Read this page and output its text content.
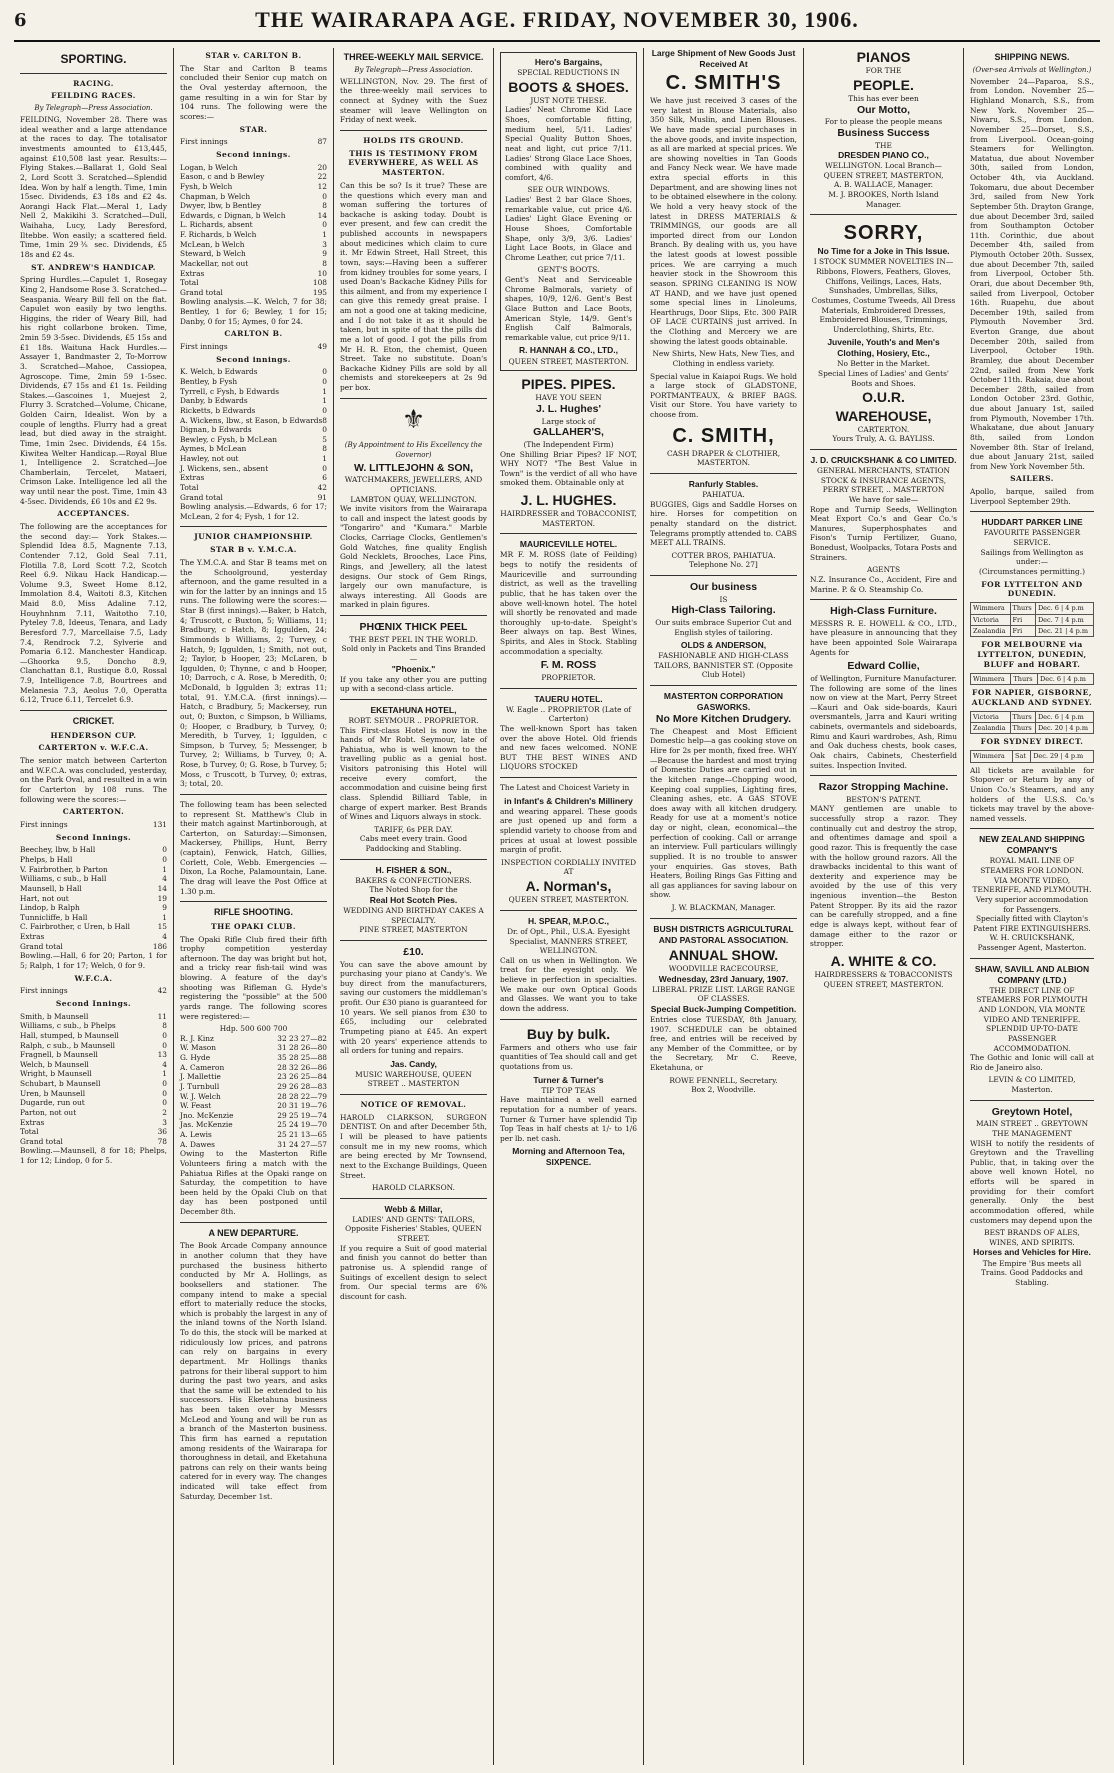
6	THE WAIRARAPA AGE. FRIDAY, NOVEMBER 30, 1906.
SPORTING.
RACING.
FEILDING RACES.
By Telegraph—Press Association.

FEILDING, November 28. There was ideal weather and a large attendance at the races to day. The totalisator investments amounted to £13,445, against £10,508 last year. Results:— Flying Stakes.—Ballarat 1, Gold Seal 2, Lord Scott 3. Scratched—Splendid Idea. Won by half a length. Time, 1min 15sec. Dividends, £3 18s and £2 4s. Aorangi Hack Flat.—Meral 1, Lady Nell 2, Makikihi 3. Scratched—Dull, Waihaha, Lucy, Lady Beresford, Iltebbe. Won easily; a scattered field. Time, 1min 29⅗ sec. Dividends, £5 18s and £2 4s.

ST. ANDREW'S HANDICAP.

Spring Hurdles.—Capulet 1, Rosegay King 2, Handsome Rose 3. Scratched—Seaspania. Weary Bill fell on the flat. Capulet won easily by two lengths. Higgins, the rider of Weary Bill, had his right collarbone broken. Time, 2min 59 3-5sec. Dividends, £5 15s and £1 18s. Waituna Hack Hurdles.—Assayer 1, Bandmaster 2, To-Morrow 3. Scratched—Mahoe, Cassiopea, Agroscope. Time, 2min 59 1-5sec. Dividends, £7 15s and £1 1s. Feilding Stakes.—Gascoines 1, Muejest 2, Flurry 3. Scratched—Volume, Chicane, Golden Cairn, Idealist. Won by a couple of lengths. Flurry had a great lead, but died away in the straight. Time, 1min 2sec. Dividends, £4 15s. Kiwitea Welter Handicap.—Royal Blue 1, Intelligence 2. Scratched—Joe Chamberlain, Tercelet, Mataeri, Crimson Lake. Intelligence led all the way until near the post. Time, 1min 43 4-5sec. Dividends, £6 10s and £2 9s.

ACCEPTANCES.

The following are the acceptances for the second day:— York Stakes.—Splendid Idea 8.5, Magnente 7.13, Contender 7.12, Gold Seal 7.11, Flotilla 7.8, Lord Scott 7.2, Scotch Reel 6.9. Nikau Hack Handicap.—Volume 9.3, Sweet Home 8.12, Immolation 8.4, Waitoti 8.3, Kitchen Maid 8.0, Miss Adaline 7.12, Houyhnhnm 7.11, Waitotho 7.10, Pyteley 7.8, Ideeus, Tenara, and Lady Beresford 7.7, Marcellaise 7.5, Lady 7.4, Rendrock 7.2, Sylverie and Pomaria 6.12. Manchester Handicap.—Ghoorka 9.5, Doncho 8.9, Clanchattan 8.1, Rustique 8.0, Rossal 7.9, Intelligence 7.8, Bourtrees and Melanesia 7.3, Aeolus 7.0, Operatta 6.12, Truce 6.11, Tercelet 6.9.

CRICKET.
HENDERSON CUP.
CARTERTON v. W.F.C.A.

The senior match between Carterton and W.F.C.A. was concluded, yesterday, on the Park Oval, and resulted in a win for Carterton by 108 runs. The following were the scores:—

CARTERTON.
First innings	131
Second Innings.
Beechey, lbw, b Hall	0
Phelps, b Hall	0
V. Fairbrother, b Parton	1
Williams, c sub., b Hall	4
Maunsell, b Hall	14
Hart, not out	19
Lindop, b Ralph	9
Tunnicliffe, b Hall	1
C. Fairbrother, c Uren, b Hall	15
Extras	4
Grand total	186

Bowling.—Hall, 6 for 20; Parton, 1 for 5; Ralph, 1 for 17; Welch, 0 for 9.

W.F.C.A.
First innings	42
Second Innings.
Smith, b Maunsell	11
Williams, c sub., b Phelps	8
Hall, stumped, b Maunsell	0
Ralph, c sub., b Maunsell	0
Fragnell, b Maunsell	13
Welch, b Maunsell	4
Wright, b Maunsell	1
Schubart, b Maunsell	0
Uren, b Maunsell	0
Dugarde, run out	0
Parton, not out	2
Extras	3
Total	36
Grand total	78

Bowling.—Maunsell, 8 for 18; Phelps, 1 for 12; Lindop, 0 for 5.

STAR v. CARLTON B.

The Star and Carlton B teams concluded their Senior cup match on the Oval yesterday afternoon, the game resulting in a win for Star by 104 runs. The following were the scores:—

STAR.
First innings	87
Second innings.
Logan, b Welch	20
Eason, c and b Bewley	22
Fysh, b Welch	12
Chapman, b Welch	0
Dwyer, lbw, b Bentley	8
Edwards, c Dignan, b Welch	14
L. Richards, absent	0
F. Richards, b Welch	1
McLean, b Welch	3
Steward, b Welch	9
Mackellar, not out	8
Extras	10
Total	108
Grand total	195

Bowling analysis.—K. Welch, 7 for 38; Bentley, 1 for 6; Bewley, 1 for 15; Danby, 0 for 15; Aymes, 0 for 24.

CARLTON B.
First innings	49
Second innings.
K. Welch, b Edwards	0
Bentley, b Fysh	0
Tyrrell, c Fysh, b Edwards	1
Danby, b Edwards	1
Ricketts, b Edwards	0
A. Wickens, lbw., st Eason, b Edwards 8
Dignan, b Edwards	0
Bewley, c Fysh, b McLean	5
Aymes, b McLean	8
Hawley, not out	1
J. Wickens, sen., absent	0
Extras	6
Total	42
Grand total	91

Bowling analysis.—Edwards, 6 for 17; McLean, 2 for 4; Fysh, 1 for 12.

JUNIOR CHAMPIONSHIP.
STAR B v. Y.M.C.A.

The Y.M.C.A. and Star B teams met on the Schoolground, yesterday afternoon, and the game resulted in a win for the latter by an innings and 15 runs. The following were the scores:— Star B (first innings).—Baker, b Hatch, 4; Truscott, c Buxton, 5; Williams, 11; Bradbury, c Hatch, 8; Iggulden, 24; Simmonds b Williams, 2; Turvey, c Hatch, 9; Iggulden, 1; Smith, not out, 2; Taylor, b Hooper, 23; McLaren, b Iggulden, 0; Thynne, c and b Hooper, 10; Darroch, c A. Rose, b Meredith, 0; McDonald, b Iggulden 3; extras 11; total, 91. Y.M.C.A. (first innings).—Hatch, c Bradbury, 5; Mackersey, run out, 0; Buxton, c Simpson, b Williams, 0; Hooper, c Bradbury, b Turvey, 0; Meredith, b Turvey, 1; Iggulden, c Simpson, b Turvey, 5; Messenger, b Turvey, 2; Williams, b Turvey, 0; A. Rose, b Turvey, 0; G. Rose, b Turvey, 5; Moss, c Truscott, b Turvey, 0; extras, 3; total, 20.

The following team has been selected to represent St. Matthew's Club in their match against Martinborough, at Carterton, on Saturday:—Simonsen, Mackersey, Phillips, Hunt, Berry (captain), Fenwick, Hatch, Gillies, Corlett, Cole, Webb. Emergencies — Dixon, La Roche, Palamountain, Lane. The drag will leave the Post Office at 1.30 p.m.

RIFLE SHOOTING.
THE OPAKI CLUB.

The Opaki Rifle Club fired their fifth trophy competition yesterday afternoon. The day was bright but hot, and a tricky rear fish-tail wind was blowing. A feature of the day's shooting was Rifleman G. Hyde's registering the "possible" at the 500 yards range. The following scores were registered:—

Hdp. 500 600 700
R. J. Kinz	32 23 27—82
W. Mason	31 28 26—80
G. Hyde	35 28 25—88
A. Cameron	28 32 26—86
J. Mallettie	23 26 25—84
J. Turnbull	29 26 28—83
W. J. Welch	28 28 22—79
W. Feast	20 31 19—76
Jno. McKenzie	29 25 19—74
Jas. McKenzie	25 24 19—70
A. Lewis	25 21 13—65
A. Dawes	31 24 27—57

Owing to the Masterton Rifle Volunteers firing a match with the Pahiatua Rifles at the Opaki range on Saturday, the competition to have been held by the Opaki Club on that day has been postponed until December 8th.

A NEW DEPARTURE.

The Book Arcade Company announce in another column that they have purchased the business hitherto conducted by Mr A. Hollings, as booksellers and stationer. The company intend to make a special effort to materially reduce the stocks, which is probably the largest in any of the inland towns of the North Island. To do this, the stock will be marked at ridiculously low prices, and patrons can rely on bargains in every department. Mr Hollings thanks patrons for their liberal support to him during the past two years, and asks that the same will be extended to his successors. His Eketahuna business has been taken over by Messrs McLeod and Young and will be run as a branch of the Masterton business. This firm has earned a reputation among residents of the Wairarapa for thoroughness in detail, and Eketahuna patrons can rely on their wants being catered for in every way. The changes indicated will take effect from Saturday, December 1st.

THREE-WEEKLY MAIL SERVICE.
By Telegraph—Press Association.

WELLINGTON, Nov. 29. The first of the three-weekly mail services to connect at Sydney with the Suez steamer will leave Wellington on Friday of next week.

HOLDS ITS GROUND.
THIS IS TESTIMONY FROM EVERYWHERE, AS WELL AS MASTERTON.

Can this be so? Is it true? These are the questions which every man and woman suffering the tortures of backache is asking today. Doubt is ever present, and few can credit the published accounts in newspapers about medicines which claim to cure it. Mr Edwin Street, Hall Street, this town, says:—Having been a sufferer from kidney troubles for some years, I used Doan's Backache Kidney Pills for this ailment, and from my experience I can give this remedy great praise. I am not a good one at taking medicine, and I do not take it as it should be taken, but in spite of that the pills did me a lot of good. I got the pills from Mr H. R. Eton, the chemist, Queen Street. Take no substitute. Doan's Backache Kidney Pills are sold by all chemists and storekeepers at 2s 9d per box.

⚜
(By Appointment to His Excellency the Governor)
W. LITTLEJOHN & SON,
WATCHMAKERS, JEWELLERS, AND OPTICIANS.
LAMBTON QUAY, WELLINGTON.

We invite visitors from the Wairarapa to call and inspect the latest goods by "Tongariro" and "Kumara." Marble Clocks, Carriage Clocks, Gentlemen's Gold Watches, fine quality English Gold Necklets, Brooches, Lace Pins, Rings, and Jewellery, all the latest designs. Our stock of Gem Rings, largely our own manufacture, is always interesting. All Goods are marked in plain figures.

PHŒNIX THICK PEEL
THE BEST PEEL IN THE WORLD.
Sold only in Packets and Tins Branded—
"Phoenix."

If you take any other you are putting up with a second-class article.

EKETAHUNA HOTEL,
ROBT. SEYMOUR .. PROPRIETOR.

This First-class Hotel is now in the hands of Mr Robt. Seymour, late of Pahiatua, who is well known to the travelling public as a genial host. Visitors patronising this Hotel will receive every comfort, the accommodation and cuisine being first class. Splendid Billiard Table, in charge of expert marker. Best Brands of Wines and Liquors always in stock.

TARIFF, 6s PER DAY.
Cabs meet every train. Good Paddocking and Stabling.
H. FISHER & SON.,
BAKERS & CONFECTIONERS.
The Noted Shop for the
Real Hot Scotch Pies.
WEDDING AND BIRTHDAY CAKES A SPECIALTY.
PINE STREET, MASTERTON
£10.

You can save the above amount by purchasing your piano at Candy's. We buy direct from the manufacturers, saving our customers the middleman's profit. Our £30 piano is guaranteed for 10 years. We sell pianos from £30 to £65, including our celebrated Trumpeting piano at £45. An expert with 20 years' experience attends to all orders for tuning and repairs.

Jas. Candy,
MUSIC WAREHOUSE, QUEEN STREET .. MASTERTON
NOTICE OF REMOVAL.

HAROLD CLARKSON, SURGEON DENTIST. On and after December 5th, I will be pleased to have patients consult me in my new rooms, which are being erected by Mr Townsend, next to the Exchange Buildings, Queen Street.

HAROLD CLARKSON.
Webb & Millar,
LADIES' AND GENTS' TAILORS, Opposite Fisheries' Stables, QUEEN STREET.

If you require a Suit of good material and finish you cannot do better than patronise us. A splendid range of Suitings of excellent design to select from. Our special terms are 6% discount for cash.

Hero's Bargains,
SPECIAL REDUCTIONS IN
BOOTS & SHOES.
JUST NOTE THESE.

Ladies' Neat Chrome Kid Lace Shoes, comfortable fitting, medium heel, 5/11. Ladies' Special Quality Button Shoes, neat and light, cut price 7/11. Ladies' Strong Glace Lace Shoes, combined with quality and comfort, 4/6.

SEE OUR WINDOWS.

Ladies' Best 2 bar Glace Shoes, remarkable value, cut price 4/6. Ladies' Light Glace Evening or House Shoes, Comfortable Shape, only 3/9, 3/6. Ladies' Light Lace Boots, in Glace and Chrome Leather, cut price 7/11.

GENT'S BOOTS.

Gent's Neat and Serviceable Chrome Balmorals, variety of shapes, 10/9, 12/6. Gent's Best Glace Button and Lace Boots, American Style, 14/9. Gent's English Calf Balmorals, remarkable value, cut price 9/11.

R. HANNAH & CO., LTD.,
QUEEN STREET, MASTERTON.
PIPES. PIPES.
HAVE YOU SEEN
J. L. Hughes'
Large stock of
GALLAHER'S,
(The Independent Firm)

One Shilling Briar Pipes? IF NOT, WHY NOT? "The Best Value in Town" is the verdict of all who have smoked them. Obtainable only at

J. L. HUGHES.
HAIRDRESSER and TOBACCONIST, MASTERTON.
MAURICEVILLE HOTEL.

MR F. M. ROSS (late of Feilding) begs to notify the residents of Mauriceville and surrounding district, as well as the travelling public, that he has taken over the above well-known hotel. The hotel will shortly be renovated and made thoroughly up-to-date. Speight's Beer always on tap. Best Wines, Spirits, and Ales in Stock. Stabling accommodation a specialty.

F. M. ROSS
PROPRIETOR.
TAUERU HOTEL.
W. Eagle .. PROPRIETOR (Late of Carterton)

The well-known Sport has taken over the above Hotel. Old friends and new faces welcomed. NONE BUT THE BEST WINES AND LIQUORS STOCKED

The Latest and Choicest Variety in

in Infant's & Children's Millinery

and wearing apparel. These goods are just opened up and form a splendid variety to choose from and prices at usual at lowest possible margin of profit.

INSPECTION CORDIALLY INVITED AT
A. Norman's,
QUEEN STREET, MASTERTON.
H. SPEAR, M.P.O.C.,
Dr. of Opt., Phil., U.S.A. Eyesight Specialist, MANNERS STREET, WELLINGTON.

Call on us when in Wellington. We treat for the eyesight only. We believe in perfection in specialties. We make our own Optical Goods and Glasses. We want you to take down the address.

Buy by bulk.

Farmers and others who use fair quantities of Tea should call and get quotations from us.

Turner & Turner's
TIP TOP TEAS

Have maintained a well earned reputation for a number of years. Turner & Turner have splendid Tip Top Teas in half chests at 1/- to 1/6 per lb. net cash.

Morning and Afternoon Tea,
SIXPENCE.
Large Shipment of New Goods Just Received At
C. SMITH'S

We have just received 3 cases of the very latest in Blouse Materials, also 350 Silk, Muslin, and Linen Blouses. We have made special purchases in the above goods, and invite inspection, as all are marked at special prices. We are showing novelties in Tan Goods and Fancy Neck wear. We have made extra special efforts in this Department, and are showing lines not to be obtained elsewhere in the colony. We hold a very heavy stock of the latest in DRESS MATERIALS & TRIMMINGS, our goods are all imported direct from our London Branch. By dealing with us, you have the latest goods at lowest possible prices. We are carrying a much heavier stock in the Showroom this season. SPRING CLEANING IS NOW AT HAND, and we have just opened some special lines in Linoleums, Hearthrugs, Door Slips, Etc. 300 PAIR OF LACE CURTAINS just arrived. In the Clothing and Mercery we are showing the latest goods obtainable.

New Shirts, New Hats, New Ties, and Clothing in endless variety.

Special value in Kaiapoi Rugs. We hold a large stock of GLADSTONE, PORTMANTEAUX, & BRIEF BAGS. Visit our Store. You have variety to choose from.

C. SMITH,
CASH DRAPER & CLOTHIER, MASTERTON.
Ranfurly Stables.
PAHIATUA.

BUGGIES, Gigs and Saddle Horses on hire. Horses for competition on penalty standard on the district. Telegrams promptly attended to. CABS MEET ALL TRAINS.

COTTER BROS, PAHIATUA.
Telephone No. 27]
Our business
IS
High-Class Tailoring.

Our suits embrace Superior Cut and English styles of tailoring.

OLDS & ANDERSON,
FASHIONABLE AND HIGH-CLASS TAILORS, BANNISTER ST. (Opposite Club Hotel)
MASTERTON CORPORATION GASWORKS.
No More Kitchen Drudgery.

The Cheapest and Most Efficient Domestic help—a gas cooking stove on Hire for 2s per month, fixed free. WHY—Because the hardest and most trying of Domestic Duties are carried out in the kitchen range—Chopping wood, Keeping coal supplies, Lighting fires, Cleaning ashes, etc. A GAS STOVE does away with all kitchen drudgery. Ready for use at a moment's notice day or night, clean, economical—the perfection of cooking. Call or arrange an interview. Full particulars willingly supplied. It is no trouble to answer your enquiries. Gas stoves, Bath Heaters, Boiling Rings Gas Fitting and all gas appliances for saving labour on show.

J. W. BLACKMAN, Manager.
BUSH DISTRICTS AGRICULTURAL AND PASTORAL ASSOCIATION.
ANNUAL SHOW.
WOODVILLE RACECOURSE,
Wednesday, 23rd January, 1907.
LIBERAL PRIZE LIST. LARGE RANGE OF CLASSES.
Special Buck-Jumping Competition.

Entries close TUESDAY, 8th January, 1907. SCHEDULE can be obtained free, and entries will be received by any Member of the Committee, or by the Secretary, Mr C. Reeve, Eketahuna, or

ROWE FENNELL, Secretary.
Box 2, Woodville.
PIANOS
FOR THE
PEOPLE.
This has ever been
Our Motto,
For to please the people means
Business Success
THE
DRESDEN PIANO CO.,
WELLINGTON. Local Branch— QUEEN STREET, MASTERTON,
A. B. WALLACE, Manager.
M. J. BROOKES, North Island Manager.
SORRY,
No Time for a Joke in This Issue.
I STOCK SUMMER NOVELTIES IN—

Ribbons, Flowers, Feathers, Gloves, Chiffons, Veilings, Laces, Hats, Sunshades, Umbrellas, Silks, Costumes, Costume Tweeds, All Dress Materials, Embroidered Dresses, Embroidered Blouses, Trimmings, Underclothing, Shirts, Etc.

Juvenile, Youth's and Men's Clothing, Hosiery, Etc.,
No Better in the Market.
Special Lines of Ladies' and Gents' Boots and Shoes.
O.U.R.
WAREHOUSE,
CARTERTON.
Yours Truly, A. G. BAYLISS.
J. D. CRUICKSHANK & CO LIMITED.
GENERAL MERCHANTS, STATION STOCK & INSURANCE AGENTS,
PERRY STREET, .. MASTERTON
We have for sale—

Rope and Turnip Seeds, Wellington Meat Export Co.'s and Gear Co.'s Manures, Superphosphates and Fison's Turnip Fertilizer, Guano, Bonedust, Woolpacks, Totara Posts and Strainers.

AGENTS

N.Z. Insurance Co., Accident, Fire and Marine. P. & O. Steamship Co.

High-Class Furniture.

MESSRS R. E. HOWELL & CO., LTD., have pleasure in announcing that they have been appointed Sole Wairarapa Agents for

Edward Collie,
of Wellington, Furniture Manufacturer.

The following are some of the lines now on view at the Mart, Perry Street—Kauri and Oak side-boards, Kauri oversmantels, Jarra and Kauri writing cabinets, overmantels and sideboards, Rimu and Kauri wardrobes, Ash, Rimu and Oak duchess chests, book cases, Oak chairs, Cabinets, Chesterfield suites. Inspection Invited.

Razor Stropping Machine.
BESTON'S PATENT.

MANY gentlemen are unable to successfully strop a razor. They continually cut and destroy the strop, and oftentimes damage and spoil a good razor. This is frequently the case with the hollow ground razors. All the drawbacks incidental to this want of dexterity and experience may be avoided by the use of this very ingenious invention—the Beston Patent Stropper. By its aid the razor can be carefully stropped, and a fine edge is always kept, without fear of damage either to the razor or stropper.

A. WHITE & CO.
HAIRDRESSERS & TOBACCONISTS QUEEN STREET, MASTERTON.
SHIPPING NEWS.
(Over-sea Arrivals at Wellington.)

November 24—Paparoa, S.S., from London. November 25—Highland Monarch, S.S., from New York. November 25—Niwaru, S.S., from London. November 25—Dorset, S.S., from Liverpool. Ocean-going Steamers for Wellington. Matatua, due about November 30th, sailed from London, October 4th, via Auckland. Tokomaru, due about December 3rd, sailed from New York September 5th. Drayton Grange, due about December 3rd, sailed from Southampton October 11th. Corinthic, due about December 4th, sailed from Plymouth October 20th. Sussex, due about December 7th, sailed from Liverpool, October 5th. Orari, due about December 9th, sailed from Liverpool, October 16th. Ruapehu, due about December 19th, sailed from Plymouth November 3rd. Everton Grange, due about December 20th, sailed from Liverpool, October 19th. Bramley, due about December 22nd, sailed from New York October 11th. Rakaia, due about December 28th, sailed from London October 23rd. Gothic, due about January 1st, sailed from Plymouth, November 17th. Whakatane, due about January 8th, sailed from London November 8th. Star of Ireland, due about January 21st, sailed from New York November 5th.

SAILERS.

Apollo, barque, sailed from Liverpool September 29th.

HUDDART PARKER LINE
FAVOURITE PASSENGER SERVICE.
Sailings from Wellington as under:—
(Circumstances permitting.)
FOR LYTTELTON AND DUNEDIN.
Wimmera	Thurs	Dec. 6 | 4 p.m
Victoria	Fri	Dec. 7 | 4 p.m
Zealandia	Fri	Dec. 21 | 4 p.m
FOR MELBOURNE via LYTTELTON, DUNEDIN, BLUFF and HOBART.
Wimmera	Thurs	Dec. 6 | 4 p.m
FOR NAPIER, GISBORNE, AUCKLAND AND SYDNEY.
Victoria	Thurs	Dec. 6 | 4 p.m
Zealandia	Thurs	Dec. 20 | 4 p.m
FOR SYDNEY DIRECT.
Wimmera	Sat	Dec. 29 | 4 p.m

All tickets are available for Stopover or Return by any of Union Co.'s Steamers, and any holders of the U.S.S. Co.'s tickets may travel by the above-named vessels.

NEW ZEALAND SHIPPING COMPANY'S
ROYAL MAIL LINE OF STEAMERS FOR LONDON.
VIA MONTE VIDEO, TENERIFFE, AND PLYMOUTH.
Very superior accommodation for Passengers.
Specially fitted with Clayton's Patent FIRE EXTINGUISHERS.
W. H. CRUICKSHANK, Passenger Agent, Masterton.
SHAW, SAVILL AND ALBION COMPANY (LTD.)
THE DIRECT LINE OF STEAMERS FOR PLYMOUTH AND LONDON, VIA MONTE VIDEO AND TENERIFFE.
SPLENDID UP-TO-DATE PASSENGER ACCOMMODATION.

The Gothic and Ionic will call at Rio de Janeiro also.

LEVIN & CO LIMITED, Masterton.
Greytown Hotel,
MAIN STREET .. GREYTOWN
THE MANAGEMENT

WISH to notify the residents of Greytown and the Travelling Public, that, in taking over the above well known Hotel, no efforts will be spared in providing for their comfort generally. Only the best accommodation offered, while customers may depend upon the

BEST BRANDS OF ALES, WINES, AND SPIRITS.
Horses and Vehicles for Hire.
The Empire 'Bus meets all Trains. Good Paddocks and Stabling.
